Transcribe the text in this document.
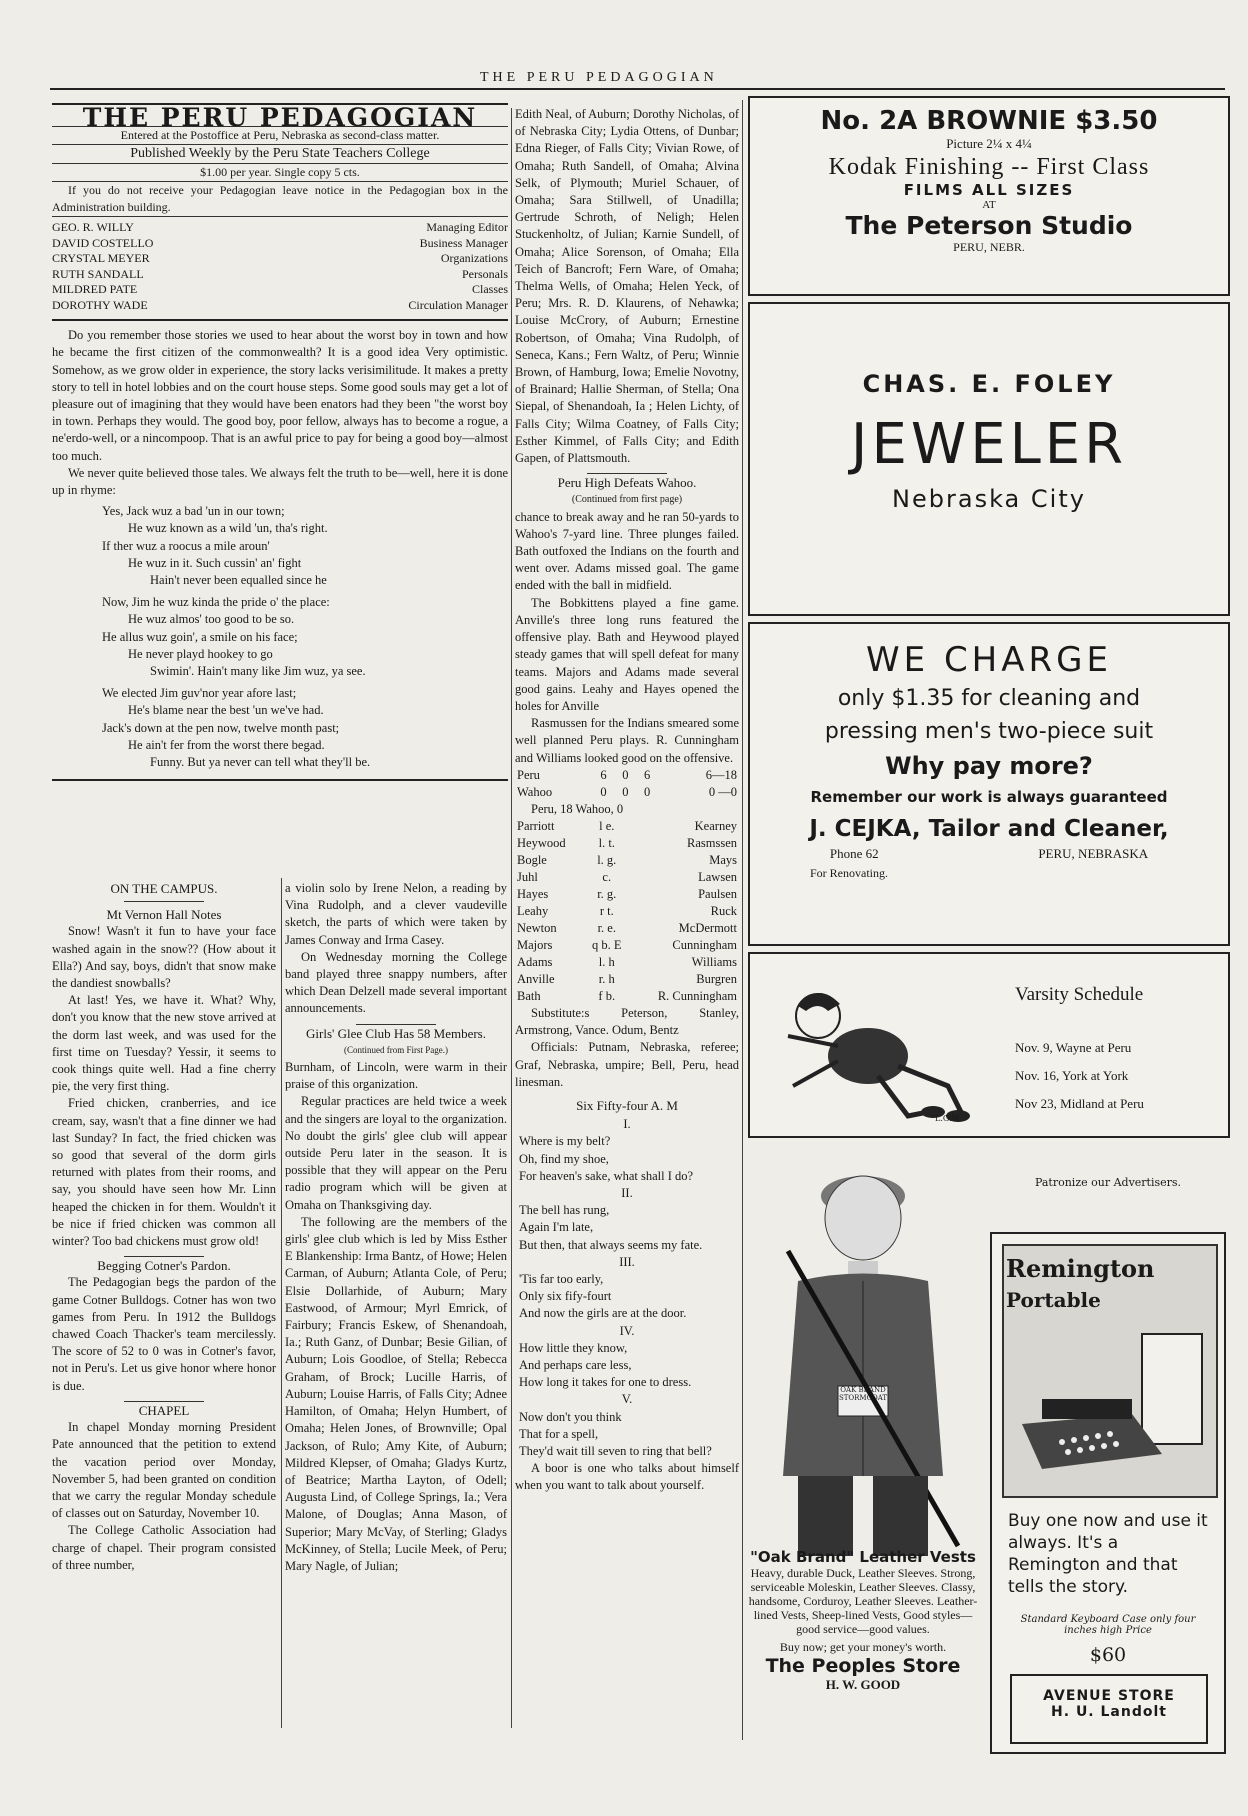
THE PERU PEDAGOGIAN

THE PERU PEDAGOGIAN

Entered at the Postoffice at Peru, Nebraska as second-class matter.

Published Weekly by the Peru State Teachers College

$1.00 per year. Single copy 5 cts.

If you do not receive your Pedagogian leave notice in the Pedagogian box in the Administration building.

GEO. R. WILLY	Managing Editor
DAVID COSTELLO	Business Manager
CRYSTAL MEYER	Organizations
RUTH SANDALL	Personals
MILDRED PATE	Classes
DOROTHY WADE	Circulation Manager

Do you remember those stories we used to hear about the worst boy in town and how he became the first citizen of the commonwealth? It is a good idea Very optimistic. Somehow, as we grow older in experience, the story lacks verisimilitude. It makes a pretty story to tell in hotel lobbies and on the court house steps. Some good souls may get a lot of pleasure out of imagining that they would have been enators had they been "the worst boy in town. Perhaps they would. The good boy, poor fellow, always has to become a rogue, a ne'erdo-well, or a nincompoop. That is an awful price to pay for being a good boy—almost too much.

We never quite believed those tales. We always felt the truth to be—well, here it is done up in rhyme:

Yes, Jack wuz a bad 'un in our town;

He wuz known as a wild 'un, tha's right.

If ther wuz a roocus a mile aroun'

He wuz in it. Such cussin' an' fight

Hain't never been equalled since he

Now, Jim he wuz kinda the pride o' the place:

He wuz almos' too good to be so.

He allus wuz goin', a smile on his face;

He never playd hookey to go

Swimin'. Hain't many like Jim wuz, ya see.

We elected Jim guv'nor year afore last;

He's blame near the best 'un we've had.

Jack's down at the pen now, twelve month past;

He ain't fer from the worst there begad.

Funny. But ya never can tell what they'll be.

ON THE CAMPUS.

Mt Vernon Hall Notes

Snow! Wasn't it fun to have your face washed again in the snow?? (How about it Ella?) And say, boys, didn't that snow make the dandiest snowballs?

At last! Yes, we have it. What? Why, don't you know that the new stove arrived at the dorm last week, and was used for the first time on Tuesday? Yessir, it seems to cook things quite well. Had a fine cherry pie, the very first thing.

Fried chicken, cranberries, and ice cream, say, wasn't that a fine dinner we had last Sunday? In fact, the fried chicken was so good that several of the dorm girls returned with plates from their rooms, and say, you should have seen how Mr. Linn heaped the chicken in for them. Wouldn't it be nice if fried chicken was common all winter? Too bad chickens must grow old!

Begging Cotner's Pardon.

The Pedagogian begs the pardon of the game Cotner Bulldogs. Cotner has won two games from Peru. In 1912 the Bulldogs chawed Coach Thacker's team mercilessly. The score of 52 to 0 was in Cotner's favor, not in Peru's. Let us give honor where honor is due.

CHAPEL

In chapel Monday morning President Pate announced that the petition to extend the vacation period over Monday, November 5, had been granted on condition that we carry the regular Monday schedule of classes out on Saturday, November 10.

The College Catholic Association had charge of chapel. Their program consisted of three number,

a violin solo by Irene Nelon, a reading by Vina Rudolph, and a clever vaudeville sketch, the parts of which were taken by James Conway and Irma Casey.

On Wednesday morning the College band played three snappy numbers, after which Dean Delzell made several important announcements.

Girls' Glee Club Has 58 Members.

(Continued from First Page.)

Burnham, of Lincoln, were warm in their praise of this organization.

Regular practices are held twice a week and the singers are loyal to the organization. No doubt the girls' glee club will appear outside Peru later in the season. It is possible that they will appear on the Peru radio program which will be given at Omaha on Thanksgiving day.

The following are the members of the girls' glee club which is led by Miss Esther E Blankenship: Irma Bantz, of Howe; Helen Carman, of Auburn; Atlanta Cole, of Peru; Elsie Dollarhide, of Auburn; Mary Eastwood, of Armour; Myrl Emrick, of Fairbury; Francis Eskew, of Shenandoah, Ia.; Ruth Ganz, of Dunbar; Besie Gilian, of Auburn; Lois Goodloe, of Stella; Rebecca Graham, of Brock; Lucille Harris, of Auburn; Louise Harris, of Falls City; Adnee Hamilton, of Omaha; Helyn Humbert, of Omaha; Helen Jones, of Brownville; Opal Jackson, of Rulo; Amy Kite, of Auburn; Mildred Klepser, of Omaha; Gladys Kurtz, of Beatrice; Martha Layton, of Odell; Augusta Lind, of College Springs, Ia.; Vera Malone, of Douglas; Anna Mason, of Superior; Mary McVay, of Sterling; Gladys McKinney, of Stella; Lucile Meek, of Peru; Mary Nagle, of Julian;

Edith Neal, of Auburn; Dorothy Nicholas, of of Nebraska City; Lydia Ottens, of Dunbar; Edna Rieger, of Falls City; Vivian Rowe, of Omaha; Ruth Sandell, of Omaha; Alvina Selk, of Plymouth; Muriel Schauer, of Omaha; Sara Stillwell, of Unadilla; Gertrude Schroth, of Neligh; Helen Stuckenholtz, of Julian; Karnie Sundell, of Omaha; Alice Sorenson, of Omaha; Ella Teich of Bancroft; Fern Ware, of Omaha; Thelma Wells, of Omaha; Helen Yeck, of Peru; Mrs. R. D. Klaurens, of Nehawka; Louise McCrory, of Auburn; Ernestine Robertson, of Omaha; Vina Rudolph, of Seneca, Kans.; Fern Waltz, of Peru; Winnie Brown, of Hamburg, Iowa; Emelie Novotny, of Brainard; Hallie Sherman, of Stella; Ona Siepal, of Shenandoah, Ia ; Helen Lichty, of Falls City; Wilma Coatney, of Falls City; Esther Kimmel, of Falls City; and Edith Gapen, of Plattsmouth.

Peru High Defeats Wahoo.

(Continued from first page)

chance to break away and he ran 50-yards to Wahoo's 7-yard line. Three plunges failed. Bath outfoxed the Indians on the fourth and went over. Adams missed goal. The game ended with the ball in midfield.

The Bobkittens played a fine game. Anville's three long runs featured the offensive play. Bath and Heywood played steady games that will spell defeat for many teams. Majors and Adams made several good gains. Leahy and Hayes opened the holes for Anville

Rasmussen for the Indians smeared some well planned Peru plays. R. Cunningham and Williams looked good on the offensive.

Peru	6	0	6	6—18
Wahoo	0	0	0	0 —0

Peru, 18 Wahoo, 0

Parriott	l e.	Kearney
Heywood	l. t.	Rasmssen
Bogle	l. g.	Mays
Juhl	c.	Lawsen
Hayes	r. g.	Paulsen
Leahy	r t.	Ruck
Newton	r. e.	McDermott
Majors	q b. E	Cunningham
Adams	l. h	Williams
Anville	r. h	Burgren
Bath	f b.	R. Cunningham

Substitute:s Peterson, Stanley, Armstrong, Vance. Odum, Bentz

Officials: Putnam, Nebraska, referee; Graf, Nebraska, umpire; Bell, Peru, head linesman.

Six Fifty-four A. M

I.

Where is my belt?

Oh, find my shoe,

For heaven's sake, what shall I do?

II.

The bell has rung,

Again I'm late,

But then, that always seems my fate.

III.

'Tis far too early,

Only six fify-fourt

And now the girls are at the door.

IV.

How little they know,

And perhaps care less,

How long it takes for one to dress.

V.

Now don't you think

That for a spell,

They'd wait till seven to ring that bell?

A boor is one who talks about himself when you want to talk about yourself.

No. 2A BROWNIE $3.50
Picture 2¼ x 4¼
Kodak Finishing -- First Class
FILMS ALL SIZES
AT
The Peterson Studio
PERU, NEBR.
CHAS. E. FOLEY
JEWELER
Nebraska City
WE CHARGE
only $1.35 for cleaning and
pressing men's two-piece suit
Why pay more?
Remember our work is always guaranteed
J. CEJKA, Tailor and Cleaner,
Phone 62	PERU, NEBRASKA
For Renovating.
Varsity Schedule
Nov. 9, Wayne at Peru
Nov. 16, York at York
Nov 23, Midland at Peru
L.G.W.
OAK BRAND STORMCOAT
"Oak Brand" Leather Vests
Heavy, durable Duck, Leather Sleeves. Strong, serviceable Moleskin, Leather Sleeves. Classy, handsome, Corduroy, Leather Sleeves. Leather-lined Vests, Sheep-lined Vests, Good styles—good service—good values.
Buy now; get your money's worth.
The Peoples Store
H. W. GOOD
Patronize our Advertisers.
Remington
Portable
Buy one now and use it always. It's a Remington and that tells the story.
Standard Keyboard Case only four inches high Price
$60
AVENUE STORE
H. U. Landolt
